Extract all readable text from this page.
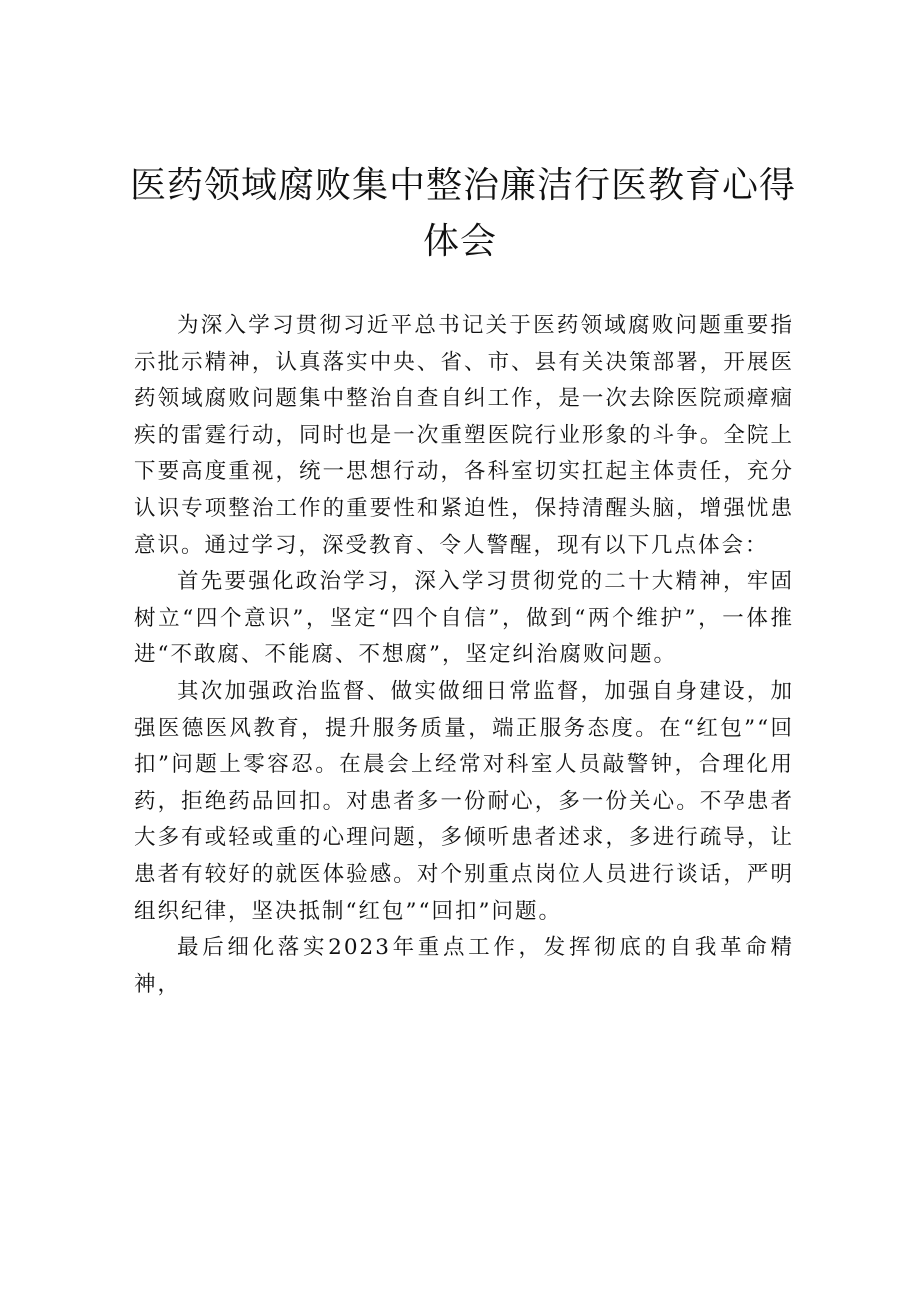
医药领域腐败集中整治廉洁行医教育心得
体会

为深入学习贯彻习近平总书记关于医药领域腐败问题重要指示批示精神，认真落实中央、省、市、县有关决策部署，开展医药领域腐败问题集中整治自查自纠工作，是一次去除医院顽瘴痼疾的雷霆行动，同时也是一次重塑医院行业形象的斗争。全院上下要高度重视，统一思想行动，各科室切实扛起主体责任，充分认识专项整治工作的重要性和紧迫性，保持清醒头脑，增强忧患意识。通过学习，深受教育、令人警醒，现有以下几点体会：

首先要强化政治学习，深入学习贯彻党的二十大精神，牢固树立“四个意识”，坚定“四个自信”，做到“两个维护”，一体推进“不敢腐、不能腐、不想腐”，坚定纠治腐败问题。

其次加强政治监督、做实做细日常监督，加强自身建设，加强医德医风教育，提升服务质量，端正服务态度。在“红包”“回扣”问题上零容忍。在晨会上经常对科室人员敲警钟，合理化用药，拒绝药品回扣。对患者多一份耐心，多一份关心。不孕患者大多有或轻或重的心理问题，多倾听患者述求，多进行疏导，让患者有较好的就医体验感。对个别重点岗位人员进行谈话，严明组织纪律，坚决抵制“红包”“回扣”问题。

最后细化落实2023年重点工作，发挥彻底的自我革命精神，
